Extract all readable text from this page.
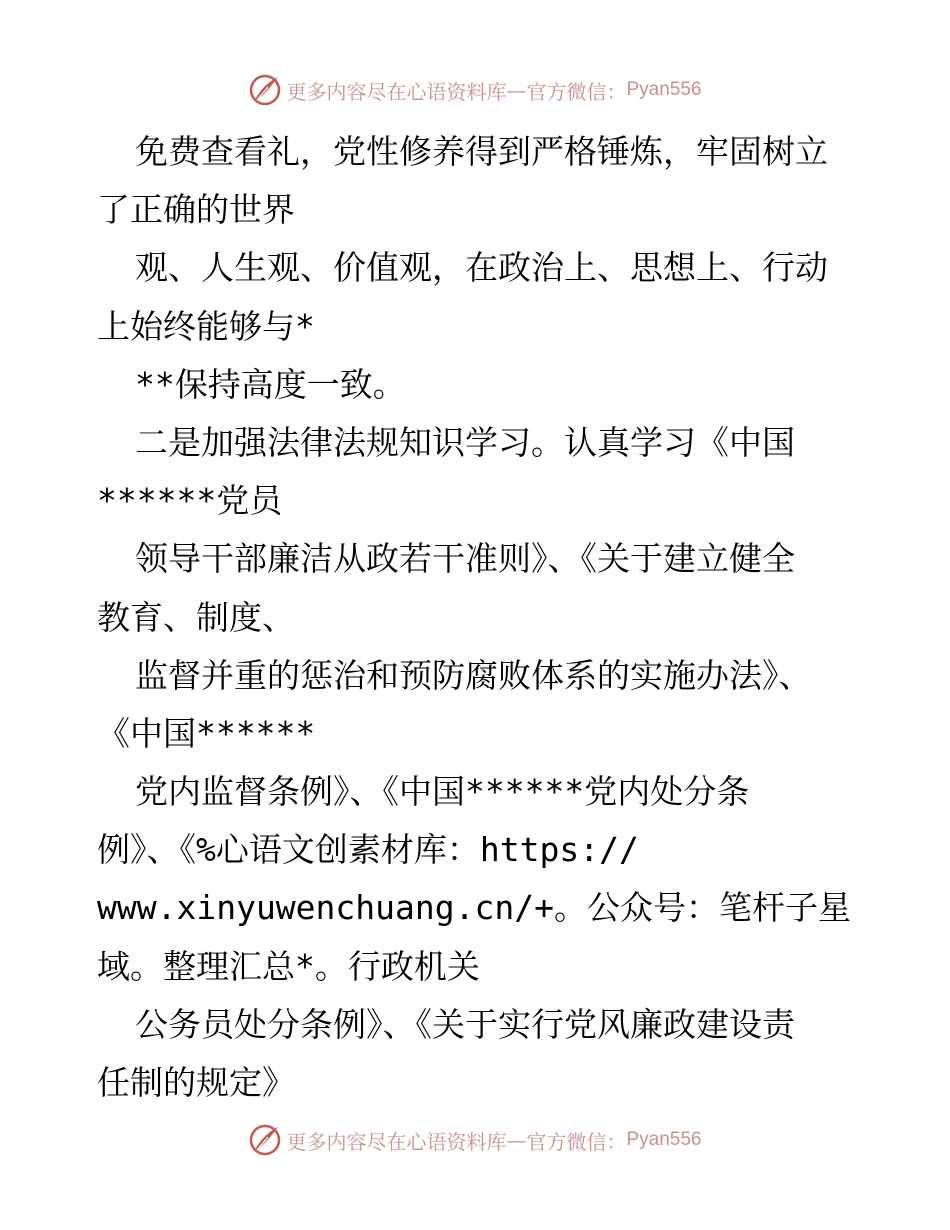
更多内容尽在心语资料库 — 官方微信： Pyan556
免费查看礼，党性修养得到严格锤炼，牢固树立
了正确的世界
观、人生观、价值观，在政治上、思想上、行动
上始终能够与*
**保持高度一致。
二是加强法律法规知识学习。认真学习《中国
******党员
领导干部廉洁从政若干准则》、《关于建立健全
教育、制度、
监督并重的惩治和预防腐败体系的实施办法》、
《中国******
党内监督条例》、《中国******党内处分条
例》、《%心语文创素材库：https://
www.xinyuwenchuang.cn/+。公众号：笔杆子星
域。整理汇总*。行政机关
公务员处分条例》、《关于实行党风廉政建设责
任制的规定》
更多内容尽在心语资料库 — 官方微信： Pyan556
